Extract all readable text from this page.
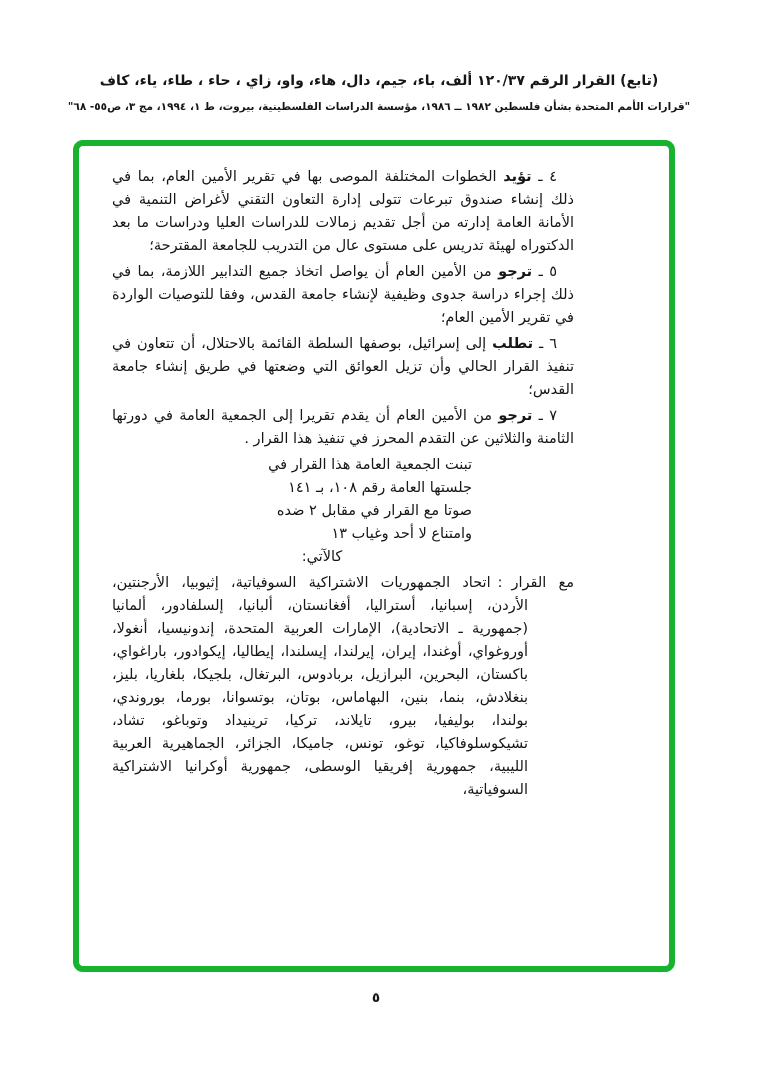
(تابع) القرار الرقم ١٢٠/٣٧ ألف، باء، جيم، دال، هاء، واو، زاي ، حاء ، طاء، ياء، كاف
"قرارات الأمم المتحدة بشأن فلسطين ١٩٨٢ ــ ١٩٨٦، مؤسسة الدراسات الفلسطينية، بيروت، ط ١، ١٩٩٤، مج ٣، ص٥٥- ٦٨"

٤ ـ تؤيد الخطوات المختلفة الموصى بها في تقرير الأمين العام، بما في ذلك إنشاء صندوق تبرعات تتولى إدارة التعاون التقني لأغراض التنمية في الأمانة العامة إدارته من أجل تقديم زمالات للدراسات العليا ودراسات ما بعد الدكتوراه لهيئة تدريس على مستوى عال من التدريب للجامعة المقترحة؛

٥ ـ ترجو من الأمين العام أن يواصل اتخاذ جميع التدابير اللازمة، بما في ذلك إجراء دراسة جدوى وظيفية لإنشاء جامعة القدس، وفقا للتوصيات الواردة في تقرير الأمين العام؛

٦ ـ تطلب إلى إسرائيل، بوصفها السلطة القائمة بالاحتلال، أن تتعاون في تنفيذ القرار الحالي وأن تزيل العوائق التي وضعتها في طريق إنشاء جامعة القدس؛

٧ ـ ترجو من الأمين العام أن يقدم تقريرا إلى الجمعية العامة في دورتها الثامنة والثلاثين عن التقدم المحرز في تنفيذ هذا القرار .

تبنت الجمعية العامة هذا القرار في
جلستها العامة رقم ١٠٨، بـ ١٤١
صوتا مع القرار في مقابل ٢ ضده
وامتناع لا أحد وغياب ١٣
كالآتي:
مع القرار:اتحاد الجمهوريات الاشتراكية السوفياتية، إثيوبيا، الأرجنتين، الأردن، إسبانيا، أستراليا، أفغانستان، ألبانيا، إلسلفادور، ألمانيا (جمهورية ـ الاتحادية)، الإمارات العربية المتحدة، إندونيسيا، أنغولا، أوروغواي، أوغندا، إيران، إيرلندا، إيسلندا، إيطاليا، إيكوادور، باراغواي، باكستان، البحرين، البرازيل، بربادوس، البرتغال، بلجيكا، بلغاريا، بليز، بنغلادش، بنما، بنين، البهاماس، بوتان، بوتسوانا، بورما، بوروندي، بولندا، بوليفيا، بيرو، تايلاند، تركيا، ترينيداد وتوباغو، تشاد، تشيكوسلوفاكيا، توغو، تونس، جاميكا، الجزائر، الجماهيرية العربية الليبية، جمهورية إفريقيا الوسطى، جمهورية أوكرانيا الاشتراكية السوفياتية،
٥
